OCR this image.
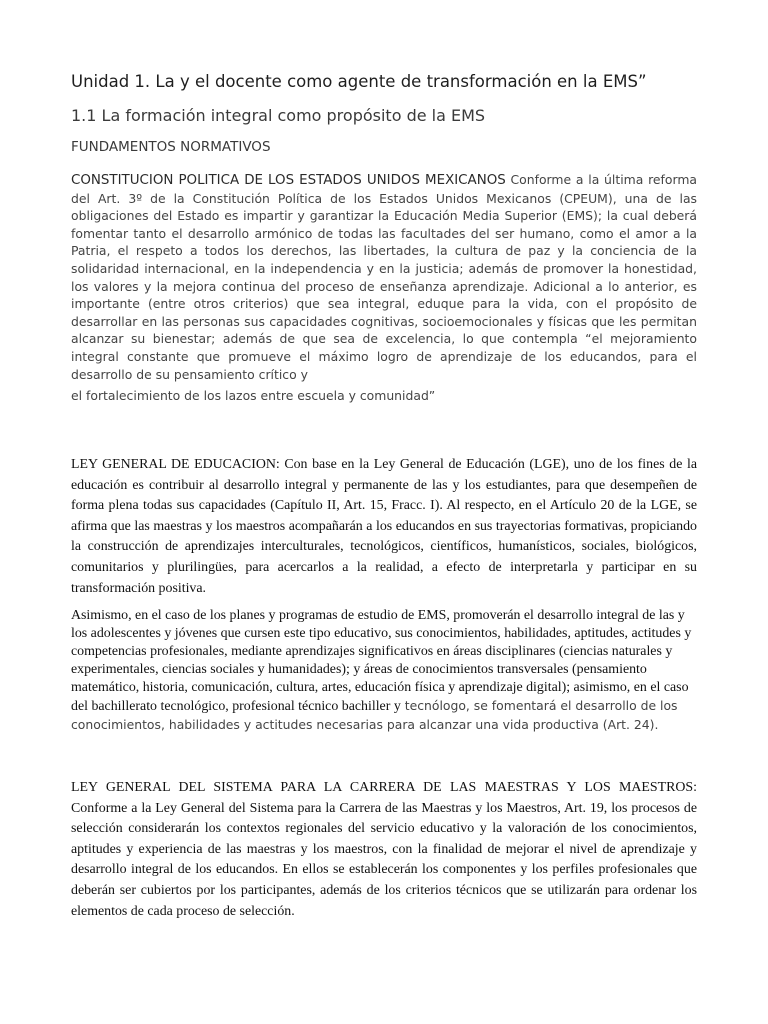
Unidad 1. La y el docente como agente de transformación en la EMS”
1.1 La formación integral como propósito de la EMS
FUNDAMENTOS NORMATIVOS

CONSTITUCION POLITICA DE LOS ESTADOS UNIDOS MEXICANOS Conforme a la última reforma del Art. 3º de la Constitución Política de los Estados Unidos Mexicanos (CPEUM), una de las obligaciones del Estado es impartir y garantizar la Educación Media Superior (EMS); la cual deberá fomentar tanto el desarrollo armónico de todas las facultades del ser humano, como el amor a la Patria, el respeto a todos los derechos, las libertades, la cultura de paz y la conciencia de la solidaridad internacional, en la independencia y en la justicia; además de promover la honestidad, los valores y la mejora continua del proceso de enseñanza aprendizaje. Adicional a lo anterior, es importante (entre otros criterios) que sea integral, eduque para la vida, con el propósito de desarrollar en las personas sus capacidades cognitivas, socioemocionales y físicas que les permitan alcanzar su bienestar; además de que sea de excelencia, lo que contempla “el mejoramiento integral constante que promueve el máximo logro de aprendizaje de los educandos, para el desarrollo de su pensamiento crítico y
el fortalecimiento de los lazos entre escuela y comunidad”

LEY GENERAL DE EDUCACION: Con base en la Ley General de Educación (LGE), uno de los fines de la educación es contribuir al desarrollo integral y permanente de las y los estudiantes, para que desempeñen de forma plena todas sus capacidades (Capítulo II, Art. 15, Fracc. I). Al respecto, en el Artículo 20 de la LGE, se afirma que las maestras y los maestros acompañarán a los educandos en sus trayectorias formativas, propiciando la construcción de aprendizajes interculturales, tecnológicos, científicos, humanísticos, sociales, biológicos, comunitarios y plurilingües, para acercarlos a la realidad, a efecto de interpretarla y participar en su transformación positiva.

Asimismo, en el caso de los planes y programas de estudio de EMS, promoverán el desarrollo integral de las y los adolescentes y jóvenes que cursen este tipo educativo, sus conocimientos, habilidades, aptitudes, actitudes y competencias profesionales, mediante aprendizajes significativos en áreas disciplinares (ciencias naturales y experimentales, ciencias sociales y humanidades); y áreas de conocimientos transversales (pensamiento matemático, historia, comunicación, cultura, artes, educación física y aprendizaje digital); asimismo, en el caso del bachillerato tecnológico, profesional técnico bachiller y tecnólogo, se fomentará el desarrollo de los conocimientos, habilidades y actitudes necesarias para alcanzar una vida productiva (Art. 24).

LEY GENERAL DEL SISTEMA PARA LA CARRERA DE LAS MAESTRAS Y LOS MAESTROS: Conforme a la Ley General del Sistema para la Carrera de las Maestras y los Maestros, Art. 19, los procesos de selección considerarán los contextos regionales del servicio educativo y la valoración de los conocimientos, aptitudes y experiencia de las maestras y los maestros, con la finalidad de mejorar el nivel de aprendizaje y desarrollo integral de los educandos. En ellos se establecerán los componentes y los perfiles profesionales que deberán ser cubiertos por los participantes, además de los criterios técnicos que se utilizarán para ordenar los elementos de cada proceso de selección.
